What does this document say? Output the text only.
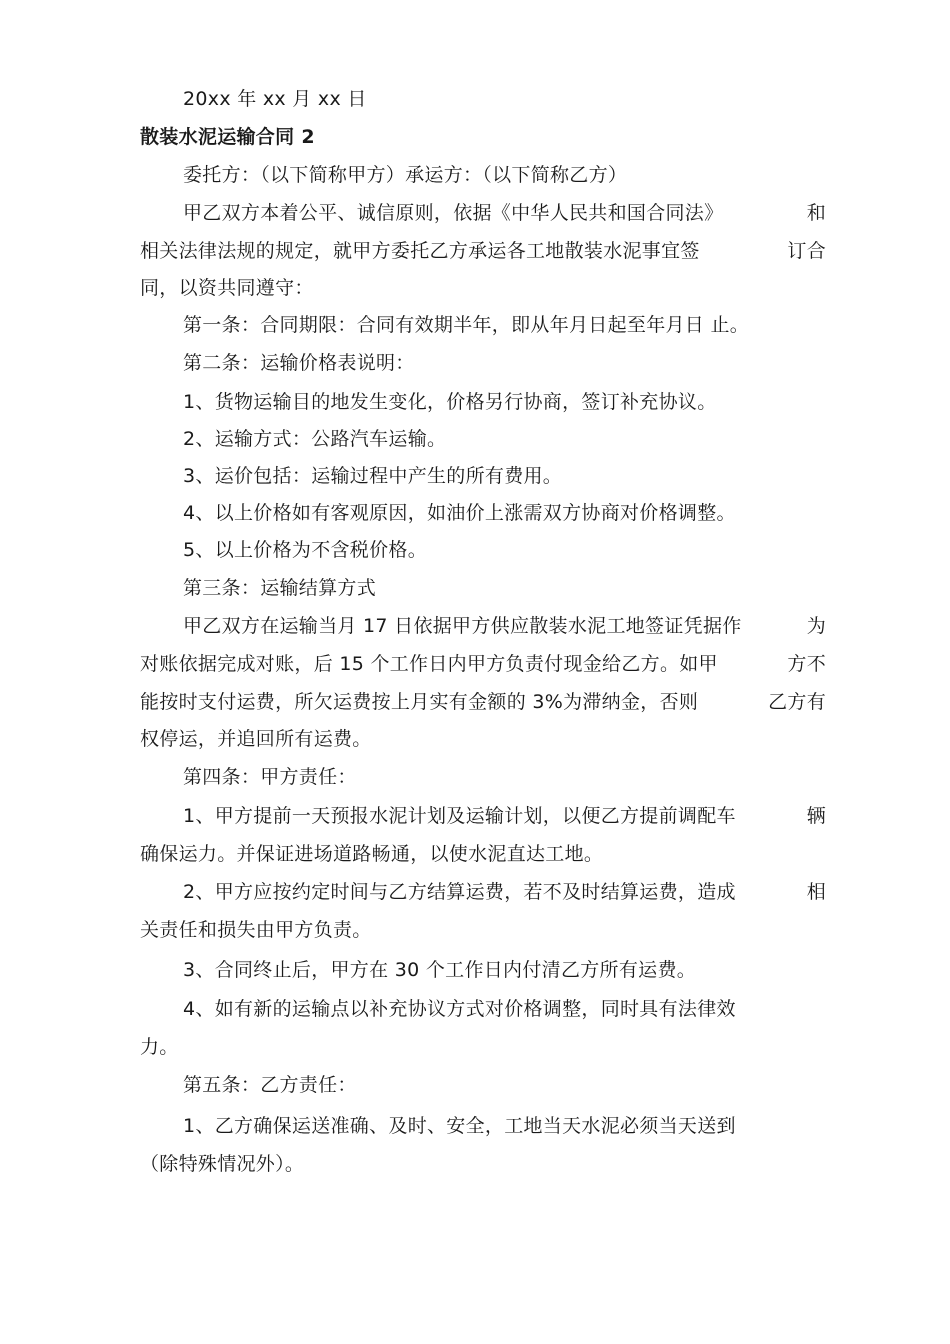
20xx 年 xx 月 xx 日
散装水泥运输合同 2
委托方：（以下简称甲方）承运方：（以下简称乙方）
甲乙双方本着公平、诚信原则，依据《中华人民共和国合同法》	和
相关法律法规的规定，就甲方委托乙方承运各工地散装水泥事宜签	订合
同，以资共同遵守：
第一条：合同期限：合同有效期半年，即从年月日起至年月日 止。
第二条：运输价格表说明：
1、货物运输目的地发生变化，价格另行协商，签订补充协议。
2、运输方式：公路汽车运输。
3、运价包括：运输过程中产生的所有费用。
4、以上价格如有客观原因，如油价上涨需双方协商对价格调整。
5、以上价格为不含税价格。
第三条：运输结算方式
甲乙双方在运输当月 17 日依据甲方供应散装水泥工地签证凭据作	为
对账依据完成对账，后 15 个工作日内甲方负责付现金给乙方。如甲	方不
能按时支付运费，所欠运费按上月实有金额的 3%为滞纳金，否则	乙方有
权停运，并追回所有运费。
第四条：甲方责任：
1、甲方提前一天预报水泥计划及运输计划，以便乙方提前调配车	辆
确保运力。并保证进场道路畅通，以使水泥直达工地。
2、甲方应按约定时间与乙方结算运费，若不及时结算运费，造成	相
关责任和损失由甲方负责。
3、合同终止后，甲方在 30 个工作日内付清乙方所有运费。
4、如有新的运输点以补充协议方式对价格调整，同时具有法律效
力。
第五条：乙方责任：
1、乙方确保运送准确、及时、安全，工地当天水泥必须当天送到
（除特殊情况外）。
